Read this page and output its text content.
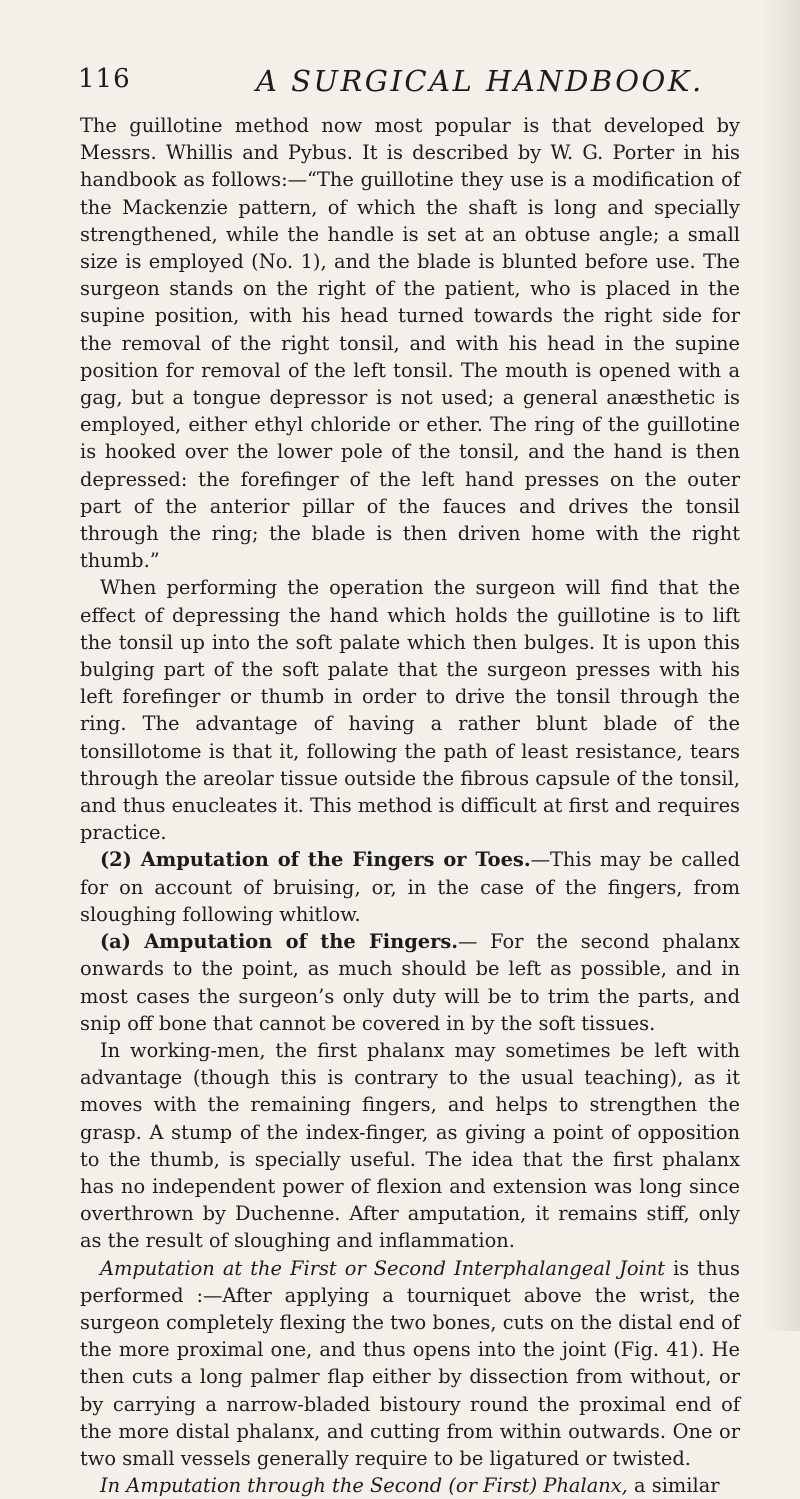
116	A SURGICAL HANDBOOK.

The guillotine method now most popular is that developed by Messrs. Whillis and Pybus. It is described by W. G. Porter in his handbook as follows:—“The guillotine they use is a modification of the Mackenzie pattern, of which the shaft is long and specially strengthened, while the handle is set at an obtuse angle; a small size is employed (No. 1), and the blade is blunted before use. The surgeon stands on the right of the patient, who is placed in the supine position, with his head turned towards the right side for the removal of the right tonsil, and with his head in the supine position for removal of the left tonsil. The mouth is opened with a gag, but a tongue depressor is not used; a general anæsthetic is employed, either ethyl chloride or ether. The ring of the guillotine is hooked over the lower pole of the tonsil, and the hand is then depressed: the forefinger of the left hand presses on the outer part of the anterior pillar of the fauces and drives the tonsil through the ring; the blade is then driven home with the right thumb.”

When performing the operation the surgeon will find that the effect of depressing the hand which holds the guillotine is to lift the tonsil up into the soft palate which then bulges. It is upon this bulging part of the soft palate that the surgeon presses with his left forefinger or thumb in order to drive the tonsil through the ring. The advantage of having a rather blunt blade of the tonsillotome is that it, following the path of least resistance, tears through the areolar tissue outside the fibrous capsule of the tonsil, and thus enucleates it. This method is difficult at first and requires practice.

(2) Amputation of the Fingers or Toes.—This may be called for on account of bruising, or, in the case of the fingers, from sloughing following whitlow.

(a) Amputation of the Fingers.— For the second phalanx onwards to the point, as much should be left as possible, and in most cases the surgeon’s only duty will be to trim the parts, and snip off bone that cannot be covered in by the soft tissues.

In working-men, the first phalanx may sometimes be left with advantage (though this is contrary to the usual teaching), as it moves with the remaining fingers, and helps to strengthen the grasp. A stump of the index-finger, as giving a point of opposition to the thumb, is specially useful. The idea that the first phalanx has no independent power of flexion and extension was long since overthrown by Duchenne. After amputation, it remains stiff, only as the result of sloughing and inflammation.

Amputation at the First or Second Interphalangeal Joint is thus performed :—After applying a tourniquet above the wrist, the surgeon completely flexing the two bones, cuts on the distal end of the more proximal one, and thus opens into the joint (Fig. 41). He then cuts a long palmer flap either by dissection from without, or by carrying a narrow-bladed bistoury round the proximal end of the more distal phalanx, and cutting from within outwards. One or two small vessels generally require to be ligatured or twisted.

In Amputation through the Second (or First) Phalanx, a similar
